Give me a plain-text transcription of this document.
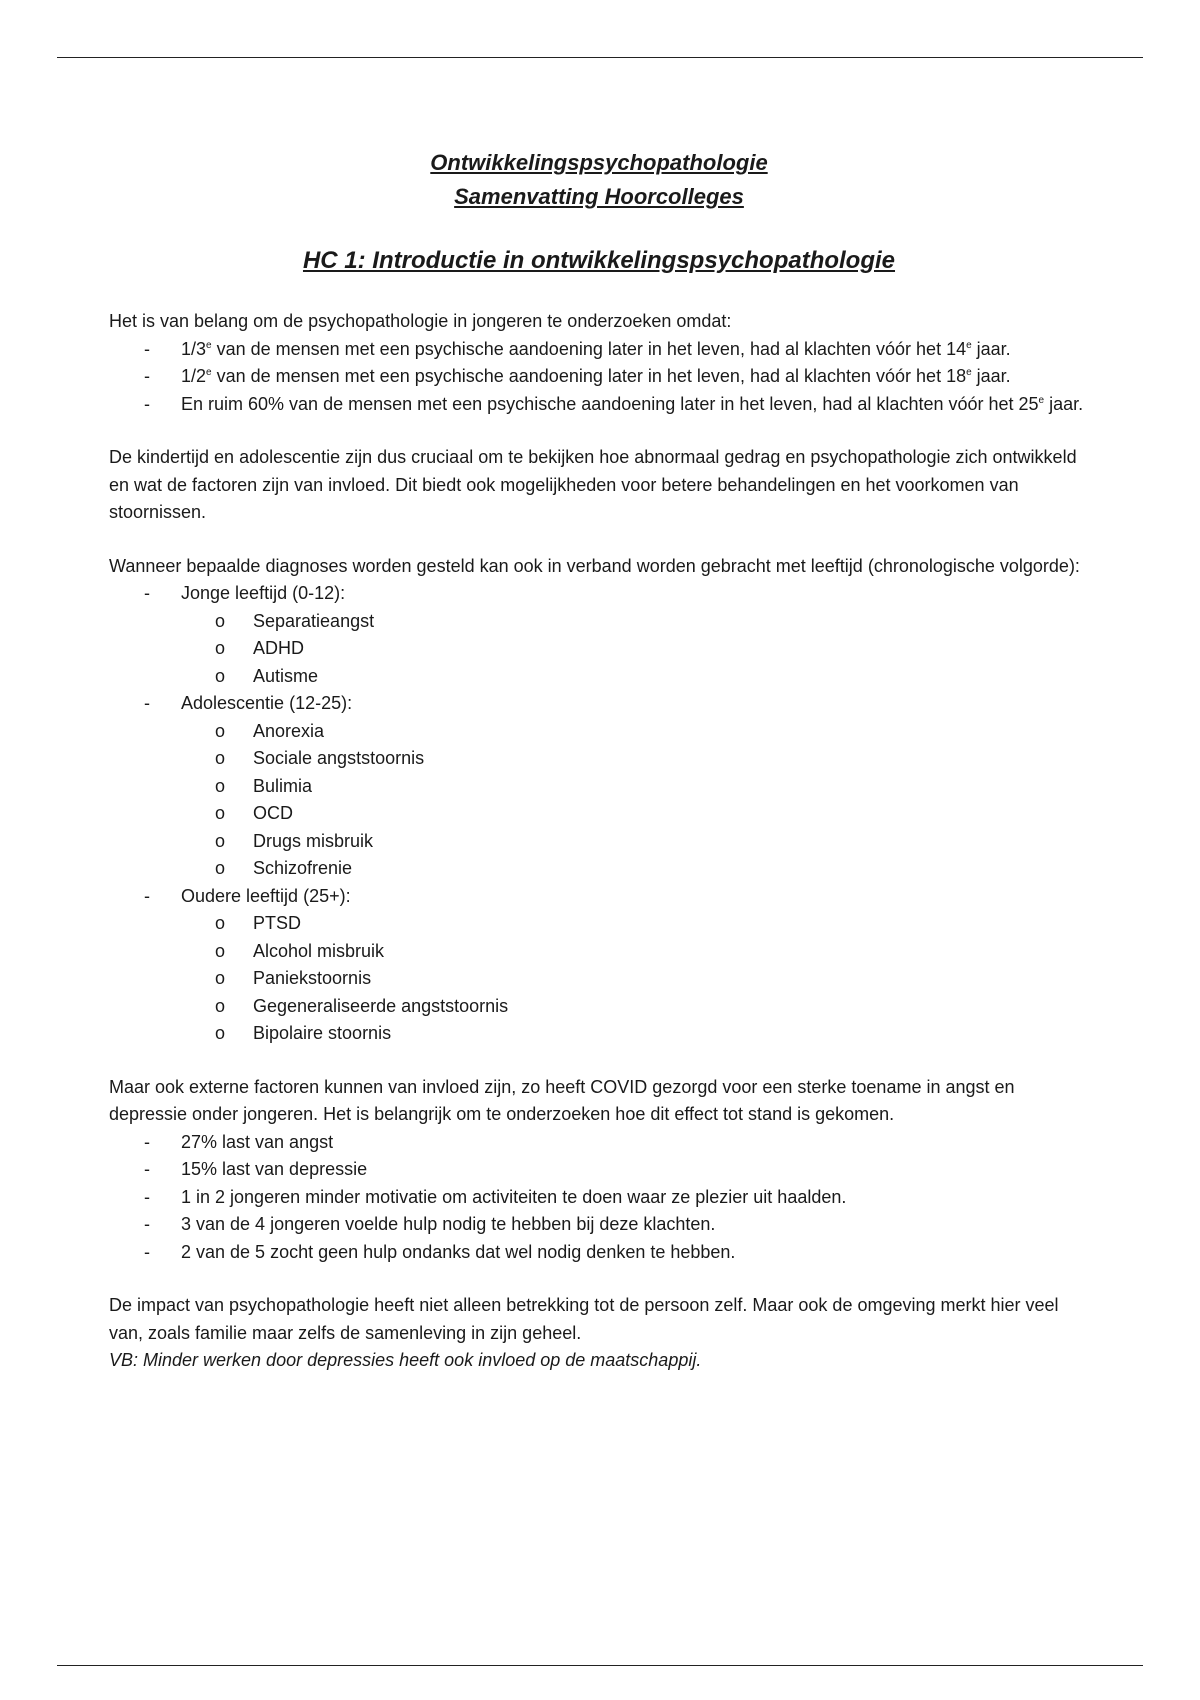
Ontwikkelingspsychopathologie
Samenvatting Hoorcolleges
HC 1: Introductie in ontwikkelingspsychopathologie

Het is van belang om de psychopathologie in jongeren te onderzoeken omdat:

- 1/3e van de mensen met een psychische aandoening later in het leven, had al klachten vóór het 14e jaar.
- 1/2e van de mensen met een psychische aandoening later in het leven, had al klachten vóór het 18e jaar.
- En ruim 60% van de mensen met een psychische aandoening later in het leven, had al klachten vóór het 25e jaar.

De kindertijd en adolescentie zijn dus cruciaal om te bekijken hoe abnormaal gedrag en psychopathologie zich ontwikkeld en wat de factoren zijn van invloed. Dit biedt ook mogelijkheden voor betere behandelingen en het voorkomen van stoornissen.

Wanneer bepaalde diagnoses worden gesteld kan ook in verband worden gebracht met leeftijd (chronologische volgorde):

- Jonge leeftijd (0-12):
o Separatieangst
o ADHD
o Autisme
- Adolescentie (12-25):
o Anorexia
o Sociale angststoornis
o Bulimia
o OCD
o Drugs misbruik
o Schizofrenie
- Oudere leeftijd (25+):
o PTSD
o Alcohol misbruik
o Paniekstoornis
o Gegeneraliseerde angststoornis
o Bipolaire stoornis

Maar ook externe factoren kunnen van invloed zijn, zo heeft COVID gezorgd voor een sterke toename in angst en depressie onder jongeren. Het is belangrijk om te onderzoeken hoe dit effect tot stand is gekomen.

- 27% last van angst
- 15% last van depressie
- 1 in 2 jongeren minder motivatie om activiteiten te doen waar ze plezier uit haalden.
- 3 van de 4 jongeren voelde hulp nodig te hebben bij deze klachten.
- 2 van de 5 zocht geen hulp ondanks dat wel nodig denken te hebben.

De impact van psychopathologie heeft niet alleen betrekking tot de persoon zelf. Maar ook de omgeving merkt hier veel van, zoals familie maar zelfs de samenleving in zijn geheel.

VB: Minder werken door depressies heeft ook invloed op de maatschappij.
